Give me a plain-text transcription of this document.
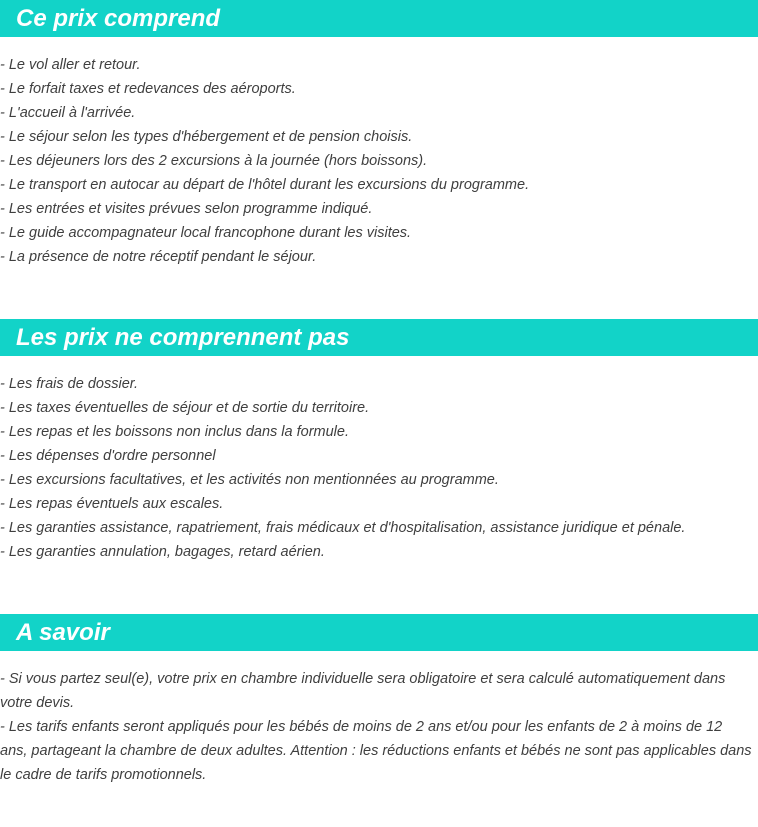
Ce prix comprend
- Le vol aller et retour.
- Le forfait taxes et redevances des aéroports.
- L'accueil à l'arrivée.
- Le séjour selon les types d'hébergement et de pension choisis.
- Les déjeuners lors des 2 excursions à la journée (hors boissons).
- Le transport en autocar au départ de l'hôtel durant les excursions du programme.
- Les entrées et visites prévues selon programme indiqué.
- Le guide accompagnateur local francophone durant les visites.
- La présence de notre réceptif pendant le séjour.
Les prix ne comprennent pas
- Les frais de dossier.
- Les taxes éventuelles de séjour et de sortie du territoire.
- Les repas et les boissons non inclus dans la formule.
- Les dépenses d'ordre personnel
- Les excursions facultatives, et les activités non mentionnées au programme.
- Les repas éventuels aux escales.
- Les garanties assistance, rapatriement, frais médicaux et d'hospitalisation, assistance juridique et pénale.
- Les garanties annulation, bagages, retard aérien.
A savoir

- Si vous partez seul(e), votre prix en chambre individuelle sera obligatoire et sera calculé automatiquement dans votre devis.

- Les tarifs enfants seront appliqués pour les bébés de moins de 2 ans et/ou pour les enfants de 2 à moins de 12 ans, partageant la chambre de deux adultes. Attention : les réductions enfants et bébés ne sont pas applicables dans le cadre de tarifs promotionnels.
